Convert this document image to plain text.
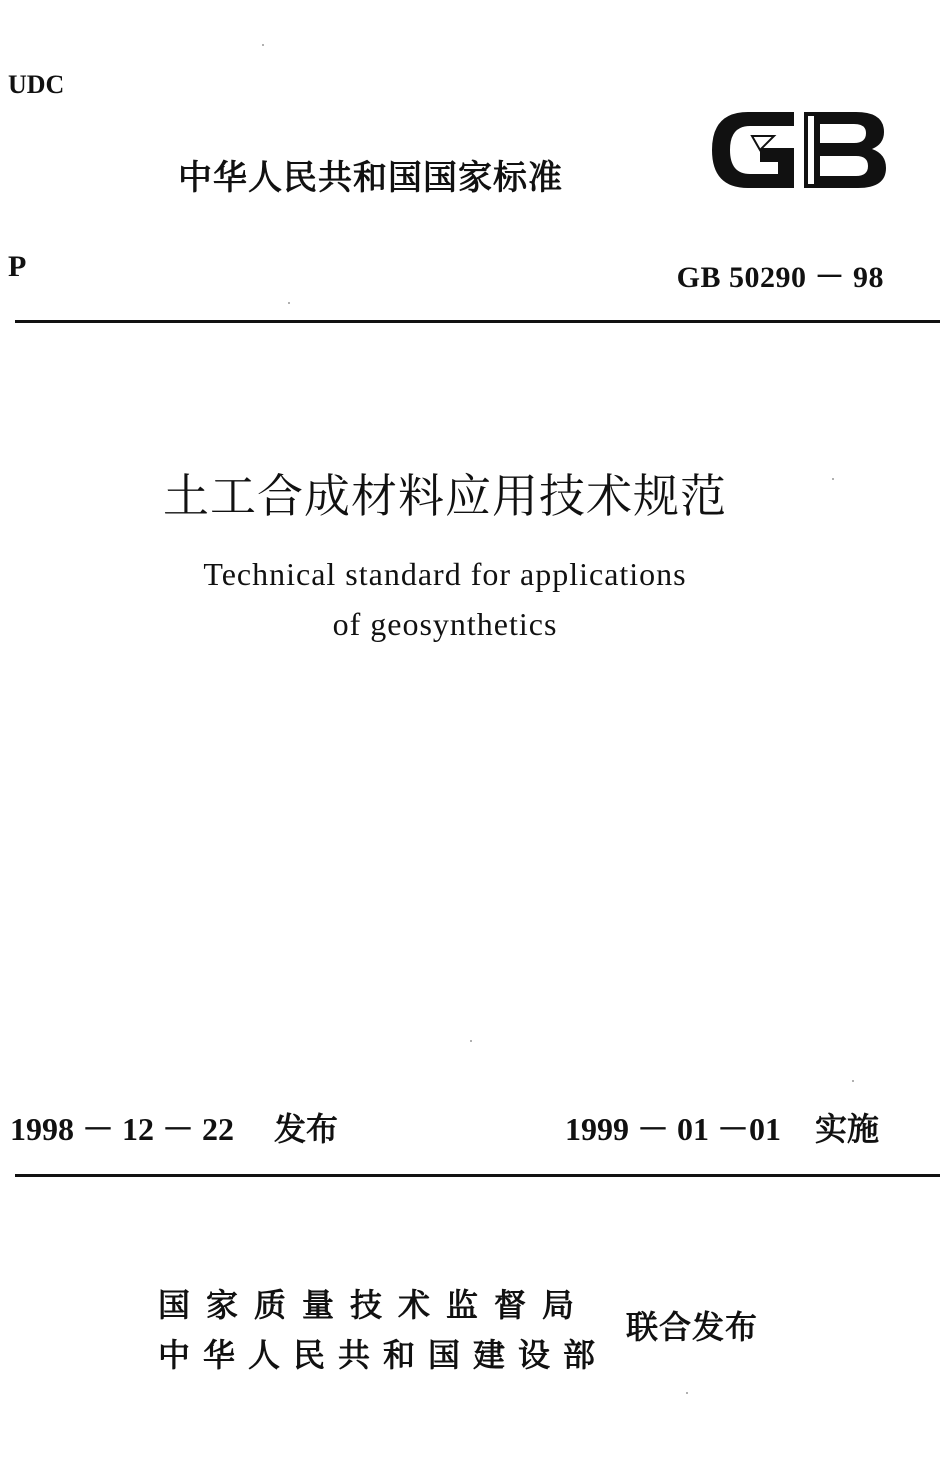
UDC
中华人民共和国国家标准
P	GB 50290 － 98
土工合成材料应用技术规范
Technical standard for applications
of geosynthetics
1998 － 12 － 22 发布	1999 － 01 －01 实施
国家质量技术监督局
中华人民共和国建设部
联合发布
